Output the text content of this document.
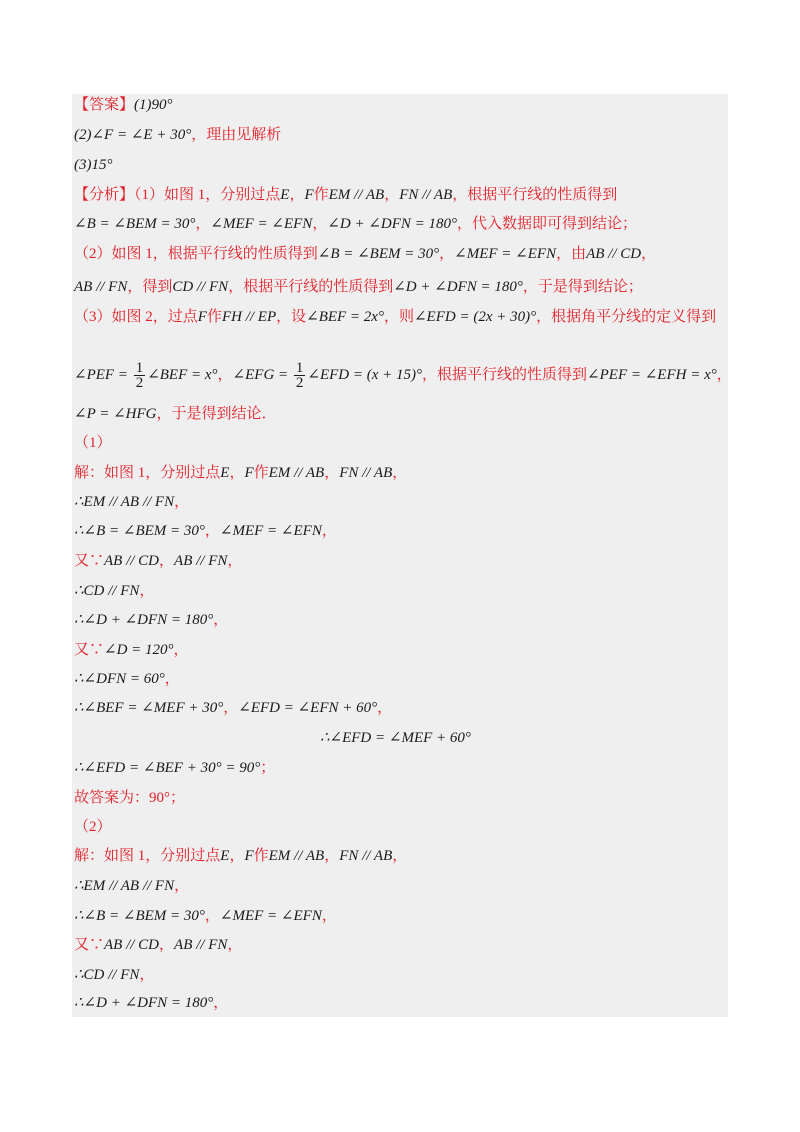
【答案】(1)90°
(2)∠F = ∠E + 30°，理由见解析
(3)15°
【分析】（1）如图 1，分别过点E，F作EM // AB，FN // AB，根据平行线的性质得到
∠B = ∠BEM = 30°，∠MEF = ∠EFN，∠D + ∠DFN = 180°，代入数据即可得到结论；
（2）如图 1，根据平行线的性质得到∠B = ∠BEM = 30°，∠MEF = ∠EFN，由AB // CD，
AB // FN，得到CD // FN，根据平行线的性质得到∠D + ∠DFN = 180°，于是得到结论；
（3）如图 2，过点F作FH // EP，设∠BEF = 2x°，则∠EFD = (2x + 30)°，根据角平分线的定义得到
∠PEF = $\frac{1}{2}$ ∠BEF = x°，∠EFG = $\frac{1}{2}$ ∠EFD = (x + 15)°，根据平行线的性质得到∠PEF = ∠EFH = x°，
∠P = ∠HFG，于是得到结论．
（1）
解：如图 1，分别过点E，F作EM // AB，FN // AB，
∴EM // AB // FN，
∴∠B = ∠BEM = 30°，∠MEF = ∠EFN，
又∵AB // CD，AB // FN，
∴CD // FN，
∴∠D + ∠DFN = 180°，
又∵∠D = 120°，
∴∠DFN = 60°，
∴∠BEF = ∠MEF + 30°，∠EFD = ∠EFN + 60°，
∴∠EFD = ∠MEF + 60°
∴∠EFD = ∠BEF + 30° = 90°；
故答案为：90°；
（2）
解：如图 1，分别过点E，F作EM // AB，FN // AB，
∴EM // AB // FN，
∴∠B = ∠BEM = 30°，∠MEF = ∠EFN，
又∵AB // CD，AB // FN，
∴CD // FN，
∴∠D + ∠DFN = 180°，
